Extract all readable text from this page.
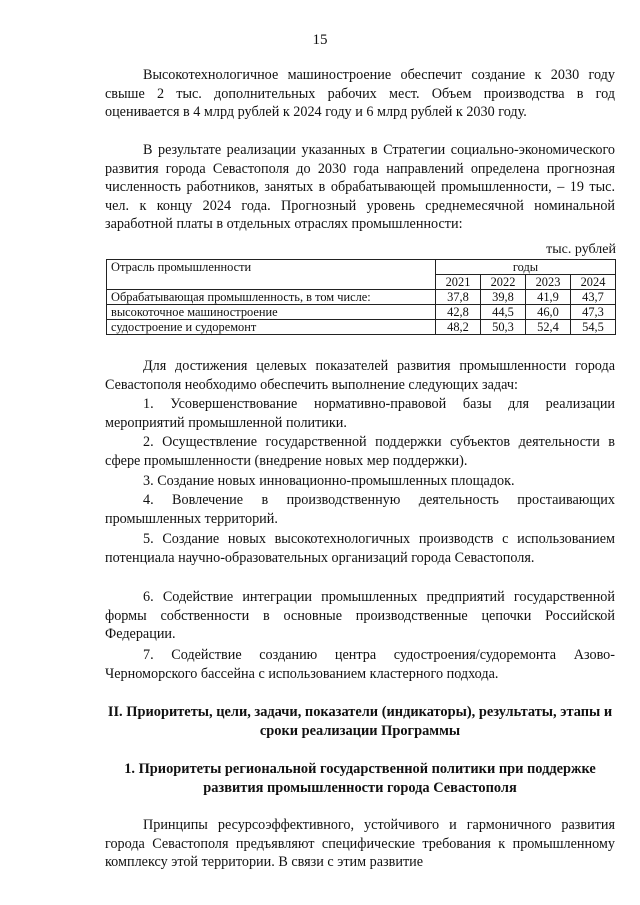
15

Высокотехнологичное машиностроение обеспечит создание к 2030 году свыше 2 тыс. дополнительных рабочих мест. Объем производства в год оценивается в 4 млрд рублей к 2024 году и 6 млрд рублей к 2030 году.

В результате реализации указанных в Стратегии социально-экономического развития города Севастополя до 2030 года направлений определена прогнозная численность работников, занятых в обрабатывающей промышленности, – 19 тыс. чел. к концу 2024 года. Прогнозный уровень среднемесячной номинальной заработной платы в отдельных отраслях промышленности:

тыс. рублей
Отрасль промышленности	годы			
	2021	2022	2023	2024
Обрабатывающая промышленность, в том числе:	37,8	39,8	41,9	43,7
высокоточное машиностроение	42,8	44,5	46,0	47,3
судостроение и судоремонт	48,2	50,3	52,4	54,5

Для достижения целевых показателей развития промышленности города Севастополя необходимо обеспечить выполнение следующих задач:

1. Усовершенствование нормативно-правовой базы для реализации мероприятий промышленной политики.

2. Осуществление государственной поддержки субъектов деятельности в сфере промышленности (внедрение новых мер поддержки).

3. Создание новых инновационно-промышленных площадок.

4. Вовлечение в производственную деятельность простаивающих промышленных территорий.

5. Создание новых высокотехнологичных производств с использованием потенциала научно-образовательных организаций города Севастополя.

6. Содействие интеграции промышленных предприятий государственной формы собственности в основные производственные цепочки Российской Федерации.

7. Содействие созданию центра судостроения/судоремонта Азово-Черноморского бассейна с использованием кластерного подхода.

II. Приоритеты, цели, задачи, показатели (индикаторы), результаты, этапы и сроки реализации Программы

1. Приоритеты региональной государственной политики при поддержке развития промышленности города Севастополя

Принципы ресурсоэффективного, устойчивого и гармоничного развития города Севастополя предъявляют специфические требования к промышленному комплексу этой территории. В связи с этим развитие
